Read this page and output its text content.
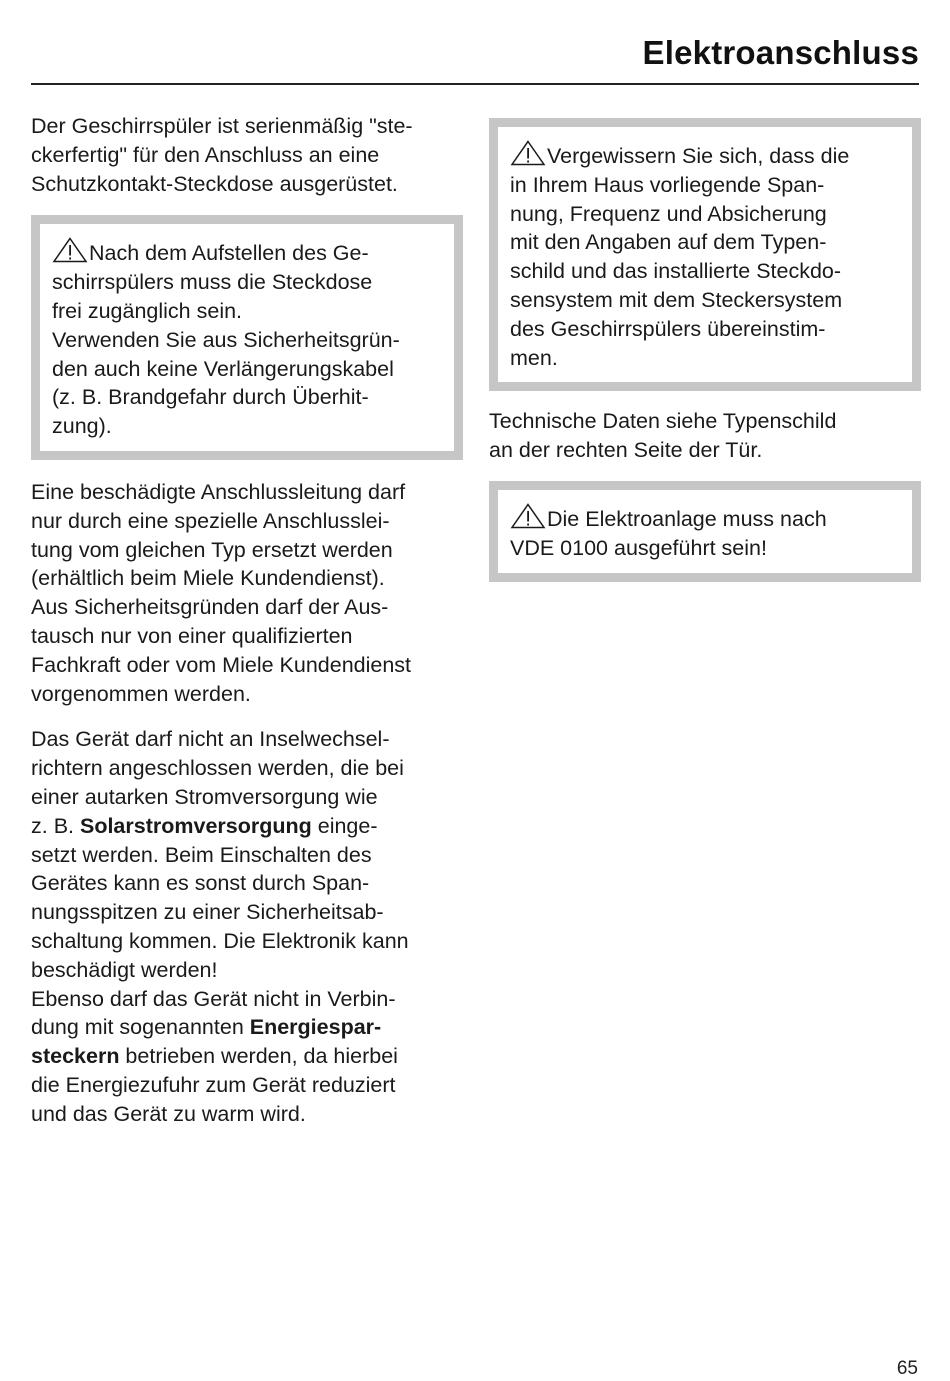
Elektroanschluss

Der Geschirrspüler ist serienmäßig "ste-
ckerfertig" für den Anschluss an eine
Schutzkontakt-Steckdose ausgerüstet.

Nach dem Aufstellen des Ge-
schirrspülers muss die Steckdose
frei zugänglich sein.
Verwenden Sie aus Sicherheitsgrün-
den auch keine Verlängerungskabel
(z. B. Brandgefahr durch Überhit-
zung).

Eine beschädigte Anschlussleitung darf
nur durch eine spezielle Anschlusslei-
tung vom gleichen Typ ersetzt werden
(erhältlich beim Miele Kundendienst).
Aus Sicherheitsgründen darf der Aus-
tausch nur von einer qualifizierten
Fachkraft oder vom Miele Kundendienst
vorgenommen werden.

Das Gerät darf nicht an Inselwechsel-
richtern angeschlossen werden, die bei
einer autarken Stromversorgung wie
z. B. Solarstromversorgung einge-
setzt werden. Beim Einschalten des
Gerätes kann es sonst durch Span-
nungsspitzen zu einer Sicherheitsab-
schaltung kommen. Die Elektronik kann
beschädigt werden!
Ebenso darf das Gerät nicht in Verbin-
dung mit sogenannten Energiespar-
steckern betrieben werden, da hierbei
die Energiezufuhr zum Gerät reduziert
und das Gerät zu warm wird.

Vergewissern Sie sich, dass die
in Ihrem Haus vorliegende Span-
nung, Frequenz und Absicherung
mit den Angaben auf dem Typen-
schild und das installierte Steckdo-
sensystem mit dem Steckersystem
des Geschirrspülers übereinstim-
men.

Technische Daten siehe Typenschild
an der rechten Seite der Tür.

Die Elektroanlage muss nach
VDE 0100 ausgeführt sein!

65
